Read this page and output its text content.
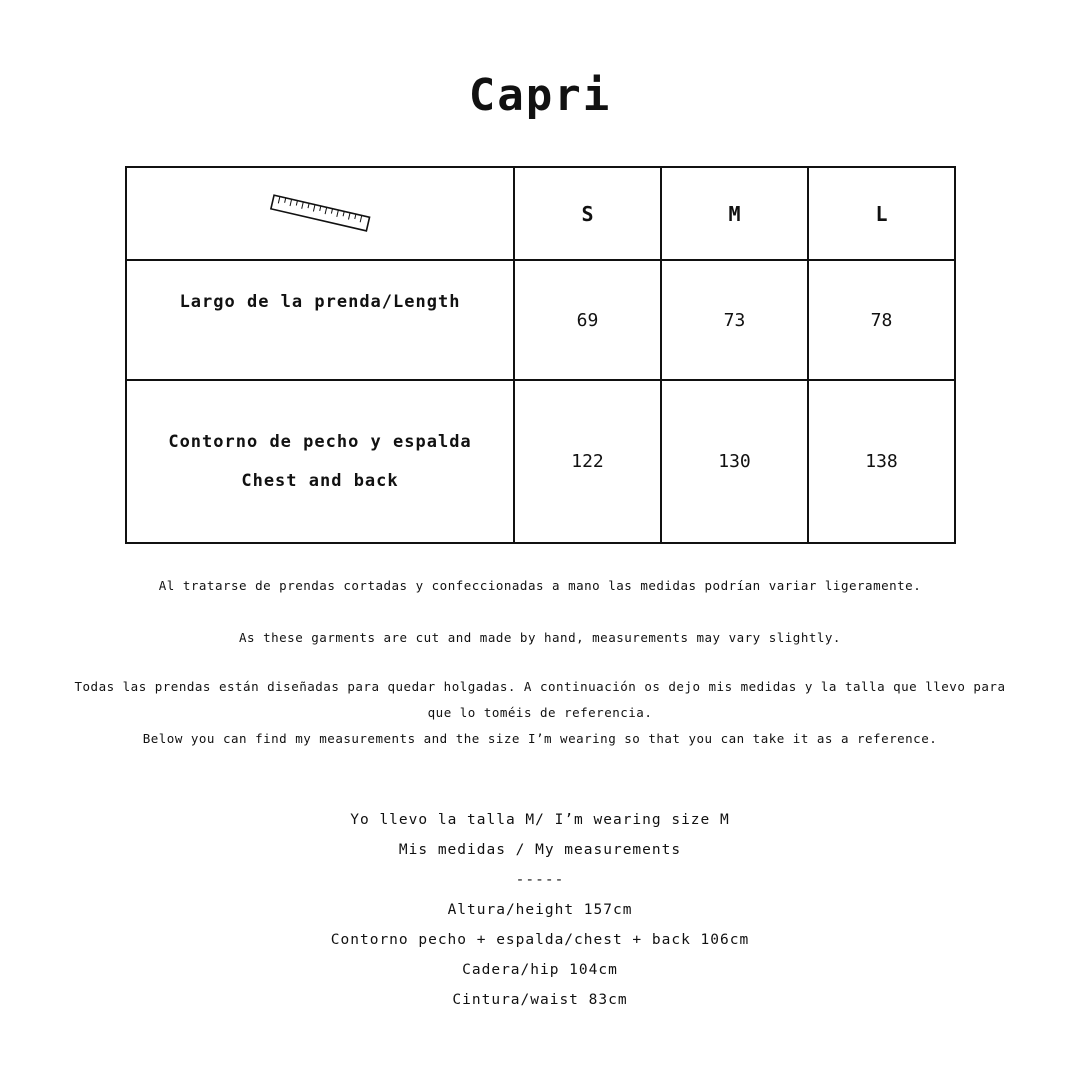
Capri
	S	M	L

Largo de la prenda/Length	69	73	78

Contorno de pecho y espalda
Chest and back	122	130	138
Al tratarse de prendas cortadas y confeccionadas a mano las medidas podrían variar ligeramente.
As these garments are cut and made by hand, measurements may vary slightly.
Todas las prendas están diseñadas para quedar holgadas. A continuación os dejo mis medidas y la talla que llevo para que lo toméis de referencia.
Below you can find my measurements and the size I’m wearing so that you can take it as a reference.
Yo llevo la talla M/ I’m wearing size M
Mis medidas / My measurements
-----
Altura/height 157cm
Contorno pecho + espalda/chest + back 106cm
Cadera/hip 104cm
Cintura/waist 83cm
